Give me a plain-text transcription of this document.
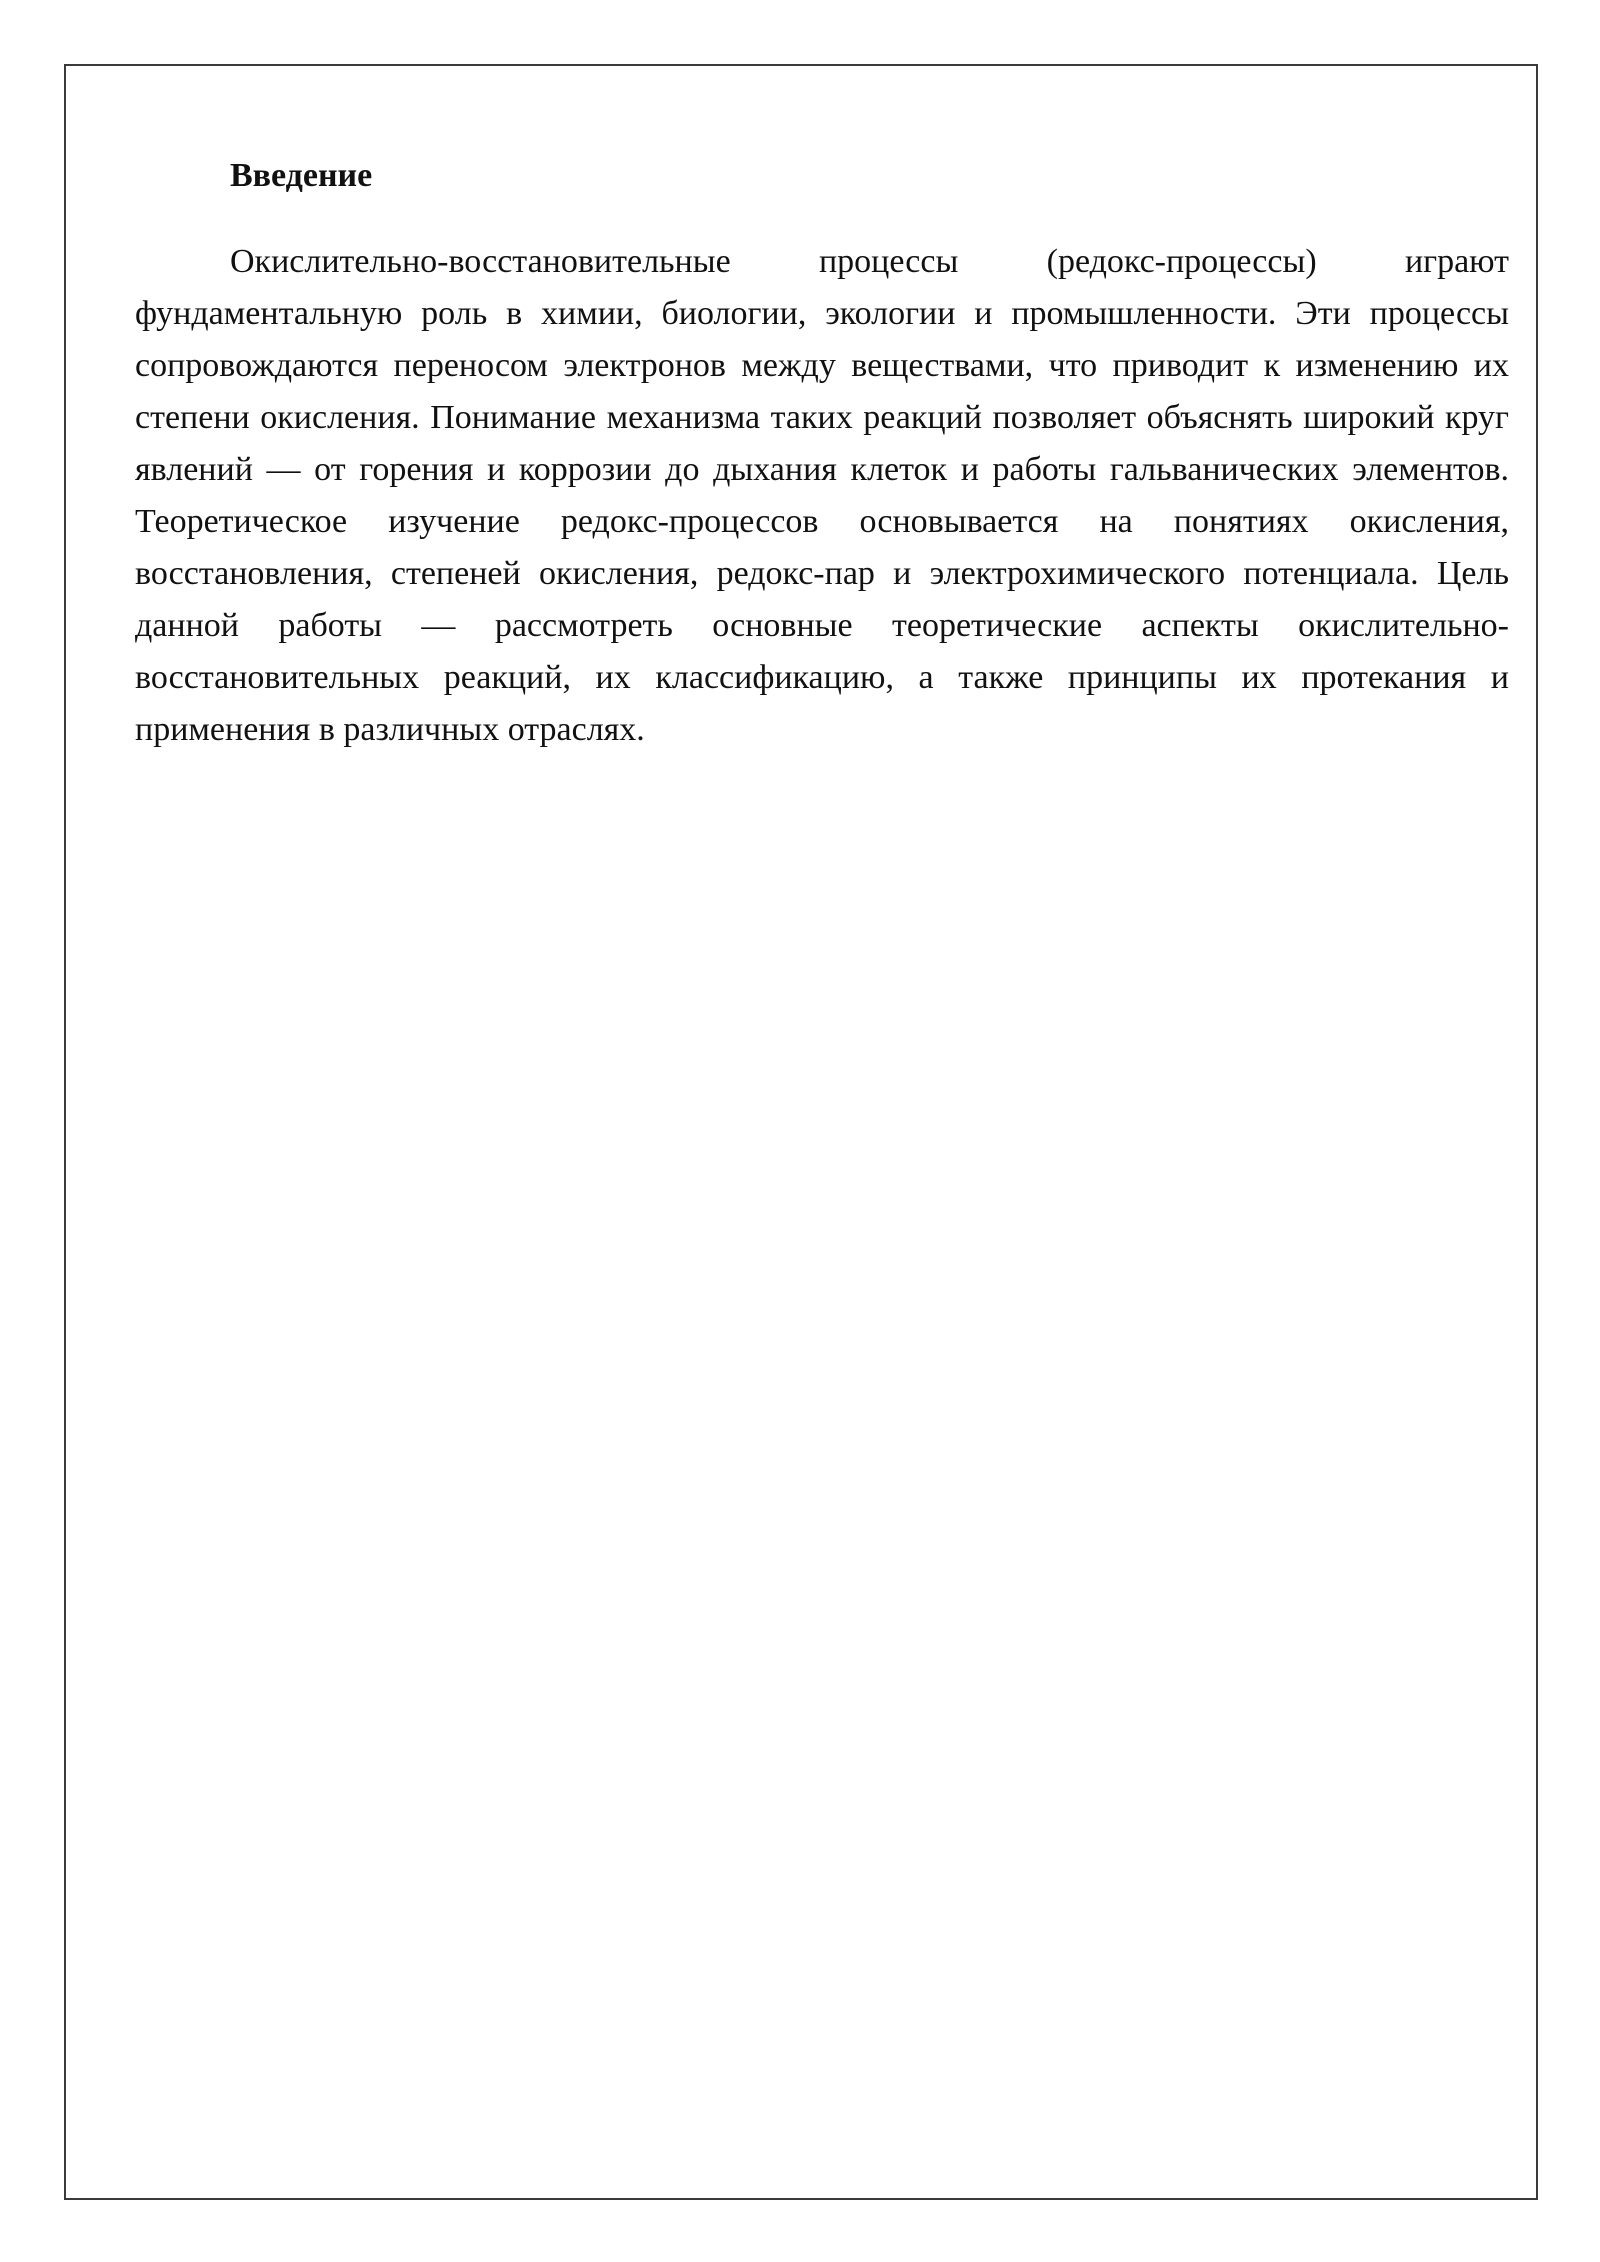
Введение

Окислительно-восстановительные процессы (редокс-процессы) играют фундаментальную роль в химии, биологии, экологии и промышленности. Эти процессы сопровождаются переносом электронов между веществами, что приводит к изменению их степени окисления. Понимание механизма таких реакций позволяет объяснять широкий круг явлений — от горения и коррозии до дыхания клеток и работы гальванических элементов. Теоретическое изучение редокс-процессов основывается на понятиях окисления, восстановления, степеней окисления, редокс-пар и электрохимического потенциала. Цель данной работы — рассмотреть основные теоретические аспекты окислительно-восстановительных реакций, их классификацию, а также принципы их протекания и применения в различных отраслях.
